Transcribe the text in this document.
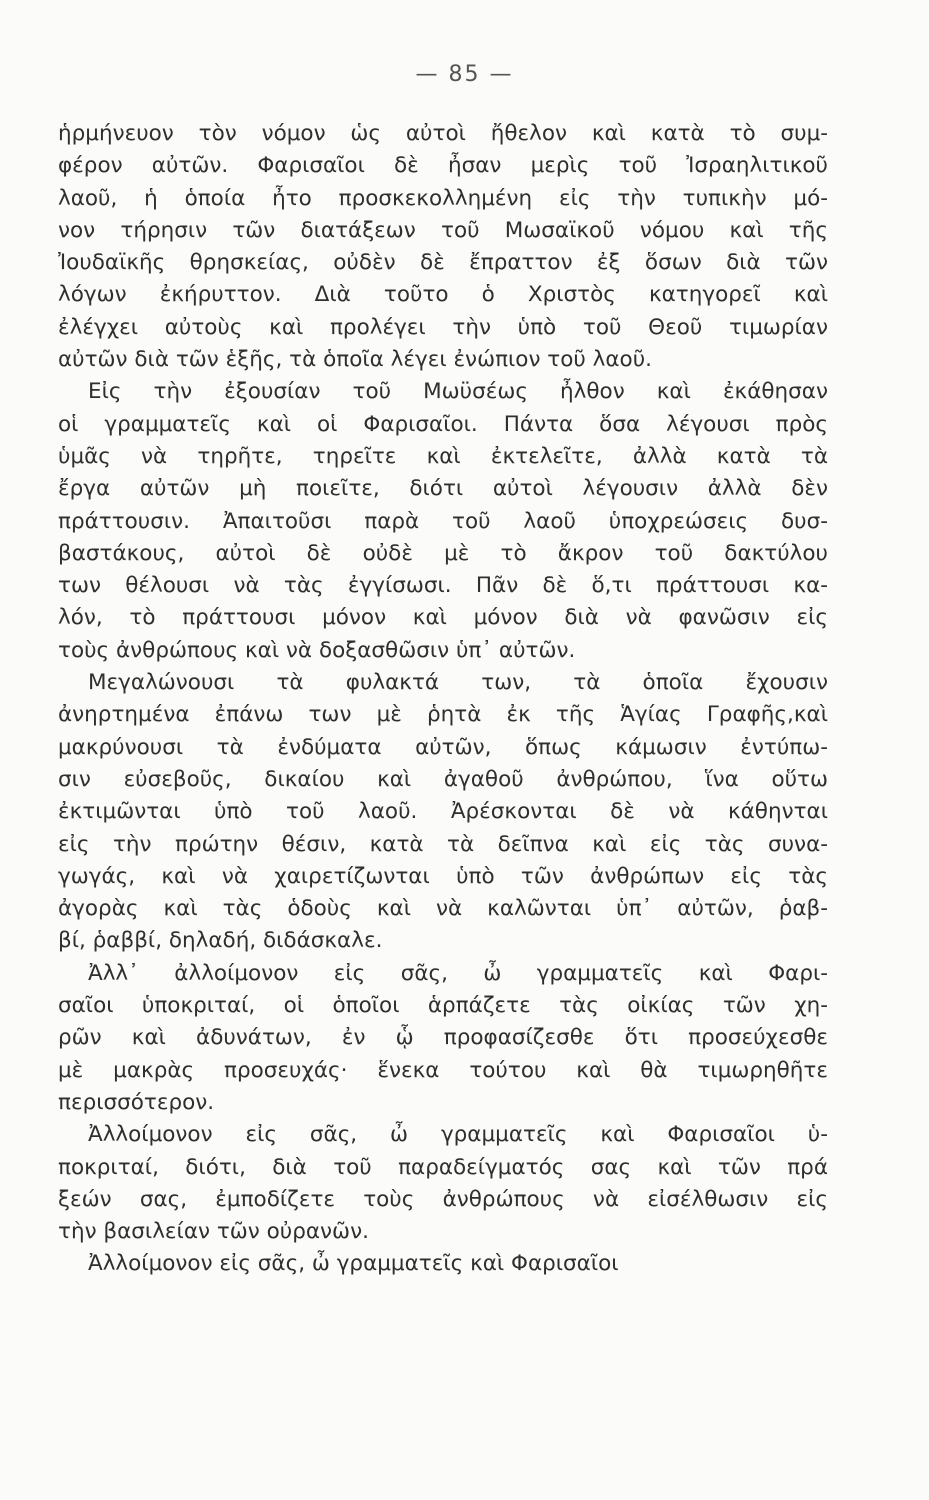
— 85 —
ἡρμήνευον τὸν νόμον ὡς αὐτοὶ ἤθελον καὶ κατὰ τὸ συμ-
φέρον αὐτῶν. Φαρισαῖοι δὲ ἦσαν μερὶς τοῦ Ἰσραηλιτικοῦ
λαοῦ, ἡ ὁποία ἦτο προσκεκολλημένη εἰς τὴν τυπικὴν μό-
νον τήρησιν τῶν διατάξεων τοῦ Μωσαϊκοῦ νόμου καὶ τῆς
Ἰουδαϊκῆς θρησκείας, οὐδὲν δὲ ἔπραττον ἐξ ὅσων διὰ τῶν
λόγων ἐκήρυττον. Διὰ τοῦτο ὁ Χριστὸς κατηγορεῖ καὶ
ἐλέγχει αὐτοὺς καὶ προλέγει τὴν ὑπὸ τοῦ Θεοῦ τιμωρίαν
αὐτῶν διὰ τῶν ἑξῆς, τὰ ὁποῖα λέγει ἐνώπιον τοῦ λαοῦ.
Εἰς τὴν ἐξουσίαν τοῦ Μωϋσέως ἦλθον καὶ ἐκάθησαν
οἱ γραμματεῖς καὶ οἱ Φαρισαῖοι. Πάντα ὅσα λέγουσι πρὸς
ὑμᾶς νὰ τηρῆτε, τηρεῖτε καὶ ἐκτελεῖτε, ἀλλὰ κατὰ τὰ
ἔργα αὐτῶν μὴ ποιεῖτε, διότι αὐτοὶ λέγουσιν ἀλλὰ δὲν
πράττουσιν. Ἀπαιτοῦσι παρὰ τοῦ λαοῦ ὑποχρεώσεις δυσ-
βαστάκους, αὐτοὶ δὲ οὐδὲ μὲ τὸ ἄκρον τοῦ δακτύλου
των θέλουσι νὰ τὰς ἐγγίσωσι. Πᾶν δὲ ὅ,τι πράττουσι κα-
λόν, τὸ πράττουσι μόνον καὶ μόνον διὰ νὰ φανῶσιν εἰς
τοὺς ἀνθρώπους καὶ νὰ δοξασθῶσιν ὑπ᾽ αὐτῶν.
Μεγαλώνουσι τὰ φυλακτά των, τὰ ὁποῖα ἔχουσιν
ἀνηρτημένα ἐπάνω των μὲ ῥητὰ ἐκ τῆς Ἁγίας Γραφῆς,καὶ
μακρύνουσι τὰ ἐνδύματα αὐτῶν, ὅπως κάμωσιν ἐντύπω-
σιν εὐσεβοῦς, δικαίου καὶ ἀγαθοῦ ἀνθρώπου, ἵνα οὕτω
ἐκτιμῶνται ὑπὸ τοῦ λαοῦ. Ἀρέσκονται δὲ νὰ κάθηνται
εἰς τὴν πρώτην θέσιν, κατὰ τὰ δεῖπνα καὶ εἰς τὰς συνα-
γωγάς, καὶ νὰ χαιρετίζωνται ὑπὸ τῶν ἀνθρώπων εἰς τὰς
ἀγορὰς καὶ τὰς ὁδοὺς καὶ νὰ καλῶνται ὑπ᾽ αὐτῶν, ῥαβ-
βί, ῥαββί, δηλαδή, διδάσκαλε.
Ἀλλ᾽ ἀλλοίμονον εἰς σᾶς, ὦ γραμματεῖς καὶ Φαρι-
σαῖοι ὑποκριταί, οἱ ὁποῖοι ἁρπάζετε τὰς οἰκίας τῶν χη-
ρῶν καὶ ἀδυνάτων, ἐν ᾧ προφασίζεσθε ὅτι προσεύχεσθε
μὲ μακρὰς προσευχάς· ἕνεκα τούτου καὶ θὰ τιμωρηθῆτε
περισσότερον.
Ἀλλοίμονον εἰς σᾶς, ὦ γραμματεῖς καὶ Φαρισαῖοι ὑ-
ποκριταί, διότι, διὰ τοῦ παραδείγματός σας καὶ τῶν πρά
ξεών σας, ἐμποδίζετε τοὺς ἀνθρώπους νὰ εἰσέλθωσιν εἰς
τὴν βασιλείαν τῶν οὐρανῶν.
Ἀλλοίμονον εἰς σᾶς, ὦ γραμματεῖς καὶ Φαρισαῖοι
